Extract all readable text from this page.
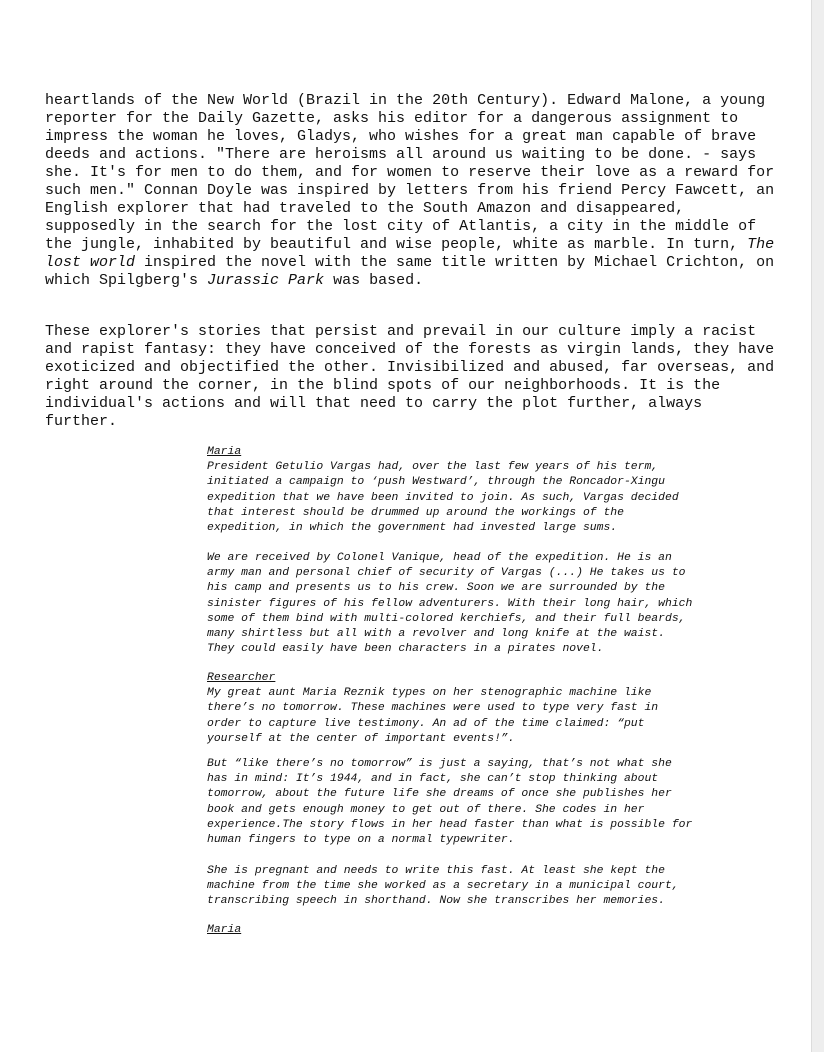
heartlands of the New World (Brazil in the 20th Century). Edward Malone, a young reporter for the Daily Gazette, asks his editor for a dangerous assignment to impress the woman he loves, Gladys, who wishes for a great man capable of brave deeds and actions. "There are heroisms all around us waiting to be done. - says she. It's for men to do them, and for women to reserve their love as a reward for such men." Connan Doyle was inspired by letters from his friend Percy Fawcett, an English explorer that had traveled to the South Amazon and disappeared, supposedly in the search for the lost city of Atlantis, a city in the middle of the jungle, inhabited by beautiful and wise people, white as marble. In turn, The lost world inspired the novel with the same title written by Michael Crichton, on which Spilgberg's Jurassic Park was based.

These explorer's stories that persist and prevail in our culture imply a racist and rapist fantasy: they have conceived of the forests as virgin lands, they have exoticized and objectified the other. Invisibilized and abused, far overseas, and right around the corner, in the blind spots of our neighborhoods. It is the individual's actions and will that need to carry the plot further, always further.

Maria
President Getulio Vargas had, over the last few years of his term,
initiated a campaign to ‘push Westward’, through the Roncador-Xingu
expedition that we have been invited to join. As such, Vargas decided
that interest should be drummed up around the workings of the
expedition, in which the government had invested large sums.
We are received by Colonel Vanique, head of the expedition. He is an
army man and personal chief of security of Vargas (...) He takes us to
his camp and presents us to his crew. Soon we are surrounded by the
sinister figures of his fellow adventurers. With their long hair, which
some of them bind with multi-colored kerchiefs, and their full beards,
many shirtless but all with a revolver and long knife at the waist.
They could easily have been characters in a pirates novel.
Researcher
My great aunt Maria Reznik types on her stenographic machine like
there’s no tomorrow. These machines were used to type very fast in
order to capture live testimony. An ad of the time claimed: “put
yourself at the center of important events!”.
But “like there’s no tomorrow” is just a saying, that’s not what she
has in mind: It’s 1944, and in fact, she can’t stop thinking about
tomorrow, about the future life she dreams of once she publishes her
book and gets enough money to get out of there. She codes in her
experience.The story flows in her head faster than what is possible for
human fingers to type on a normal typewriter.
She is pregnant and needs to write this fast. At least she kept the
machine from the time she worked as a secretary in a municipal court,
transcribing speech in shorthand. Now she transcribes her memories.
Maria
